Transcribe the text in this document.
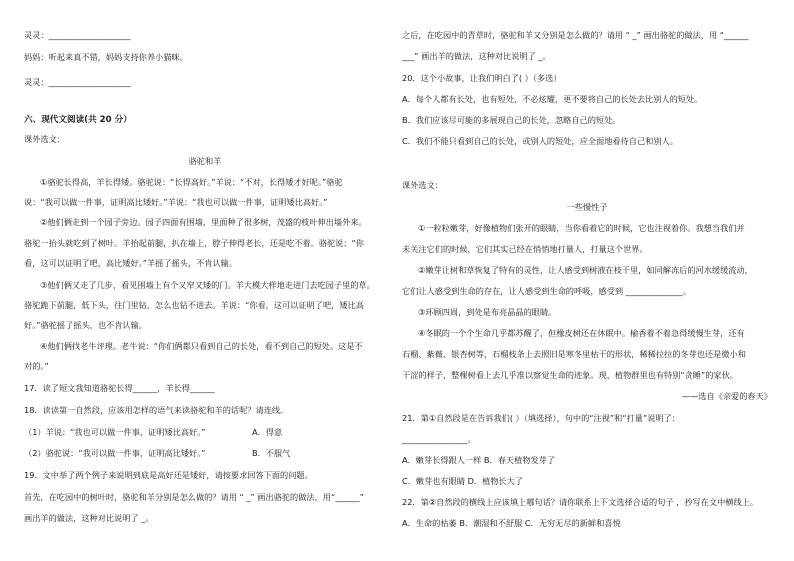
灵灵：____________________
妈妈：听起来真不错，妈妈支持你养小猫咪。
灵灵：____________________
六、现代文阅读(共 20 分）
课外选文：
骆驼和羊
①骆驼长得高，羊长得矮。骆驼说：“长得高好。”羊说：“不对，长得矮才好呢。”骆驼
说：“我可以做一件事，证明高比矮好。”羊说：“我也可以做一件事，证明矮比高好。”
②他们俩走到一个园子旁边。园子四面有围墙，里面种了很多树，茂盛的枝叶伸出墙外来。
骆驼一抬头就吃到了树叶。羊抬起前腿，扒在墙上，脖子伸得老长，还是吃不着。骆驼说：“你
看，这可以证明了吧，高比矮好。”羊摇了摇头，不肯认输。
③他们俩又走了几步，看见围墙上有个又窄又矮的门。羊大模大样地走进门去吃园子里的草。
骆驼跪下前腿，低下头，往门里钻，怎么也钻不进去。羊说：“你看，这可以证明了吧，矮比高
好。”骆驼摇了摇头，也不肯认输。
④他们俩找老牛评理。老牛说：“你们俩都只看到自己的长处，看不到自己的短处。这是不
对的。”
17．读了短文我知道骆驼长得______，羊长得______
18．读读第一自然段，应该用怎样的语气来读骆驼和羊的话呢？请连线。
（1）羊说：“我也可以做一件事，证明矮比高好。”	A．得意
（2）骆驼说：“我可以做一件事，证明高比矮好。”	B．不服气
19．文中举了两个例子来说明到底是高好还是矮好，请按要求回答下面的问题。
首先，在吃园中的树叶时，骆驼和羊分别是怎么做的？请用 “ _” 画出骆驼的做法，用“______”
画出羊的做法，这种对比说明了 _。
之后，在吃园中的青草时，骆驼和羊又分别是怎么做的？请用 “ _” 画出骆驼的做法，用 “______
___” 画出羊的做法，这种对比说明了 _。
20．这个小故事，让我们明白了( ）（多选）
A．每个人都有长处，也有短处，不必炫耀，更不要将自己的长处去比别人的短处。
B．我们应该尽可能的多展现自己的长处，忽略自己的短处。
C．我们不能只看到自己的长处，或别人的短处，应全面地看待自己和别人。
课外选文：
一些慢性子
①一粒粒嫩芽，好像植物们张开的眼睛，当你看着它的时候，它也注视着你。我想当我们并
未关注它们的时候，它们其实已经在悄悄地打量人，打量这个世界。
②嫩芽让树和草恢复了特有的灵性，让人感受到树液在枝干里，如同解冻后的河水缓缓流动，
它们让人感受到生命的存在，让人感受到生命的呼吸，感受到 ______________。
③环顾四周，到处是布亮晶晶的眼睛。
④冬眠的一个个生命几乎都苏醒了，但橡皮树还在休眠中。榆香着不着急得缓慢生芽，还有
石榴、紫薇、银杏树等，石榴枝条上去照旧是寒冬里枯干的形状，稀稀拉拉的冬芽也还是微小和
干涩的样子，整棵树看上去几乎准以察觉生命的迹象。现，植物群里也有特别“贪睡”的家伙。
——选自《亲爱的春天》
21．第①自然段是在告诉我们( ）（填选择），句中的“注视”和“打量”说明了：
________________。
A．嫩芽长得跟人一样 B．春天植物发芽了
C．嫩芽也有眼睛 D．植物长大了
22．第②自然段的横线上应该填上哪句话？请你联系上下文选择合适的句子 ，抄写在文中横线上。
A．生命的枯萎 B．潮湿和不舒服 C．无穷无尽的新鲜和喜悦
